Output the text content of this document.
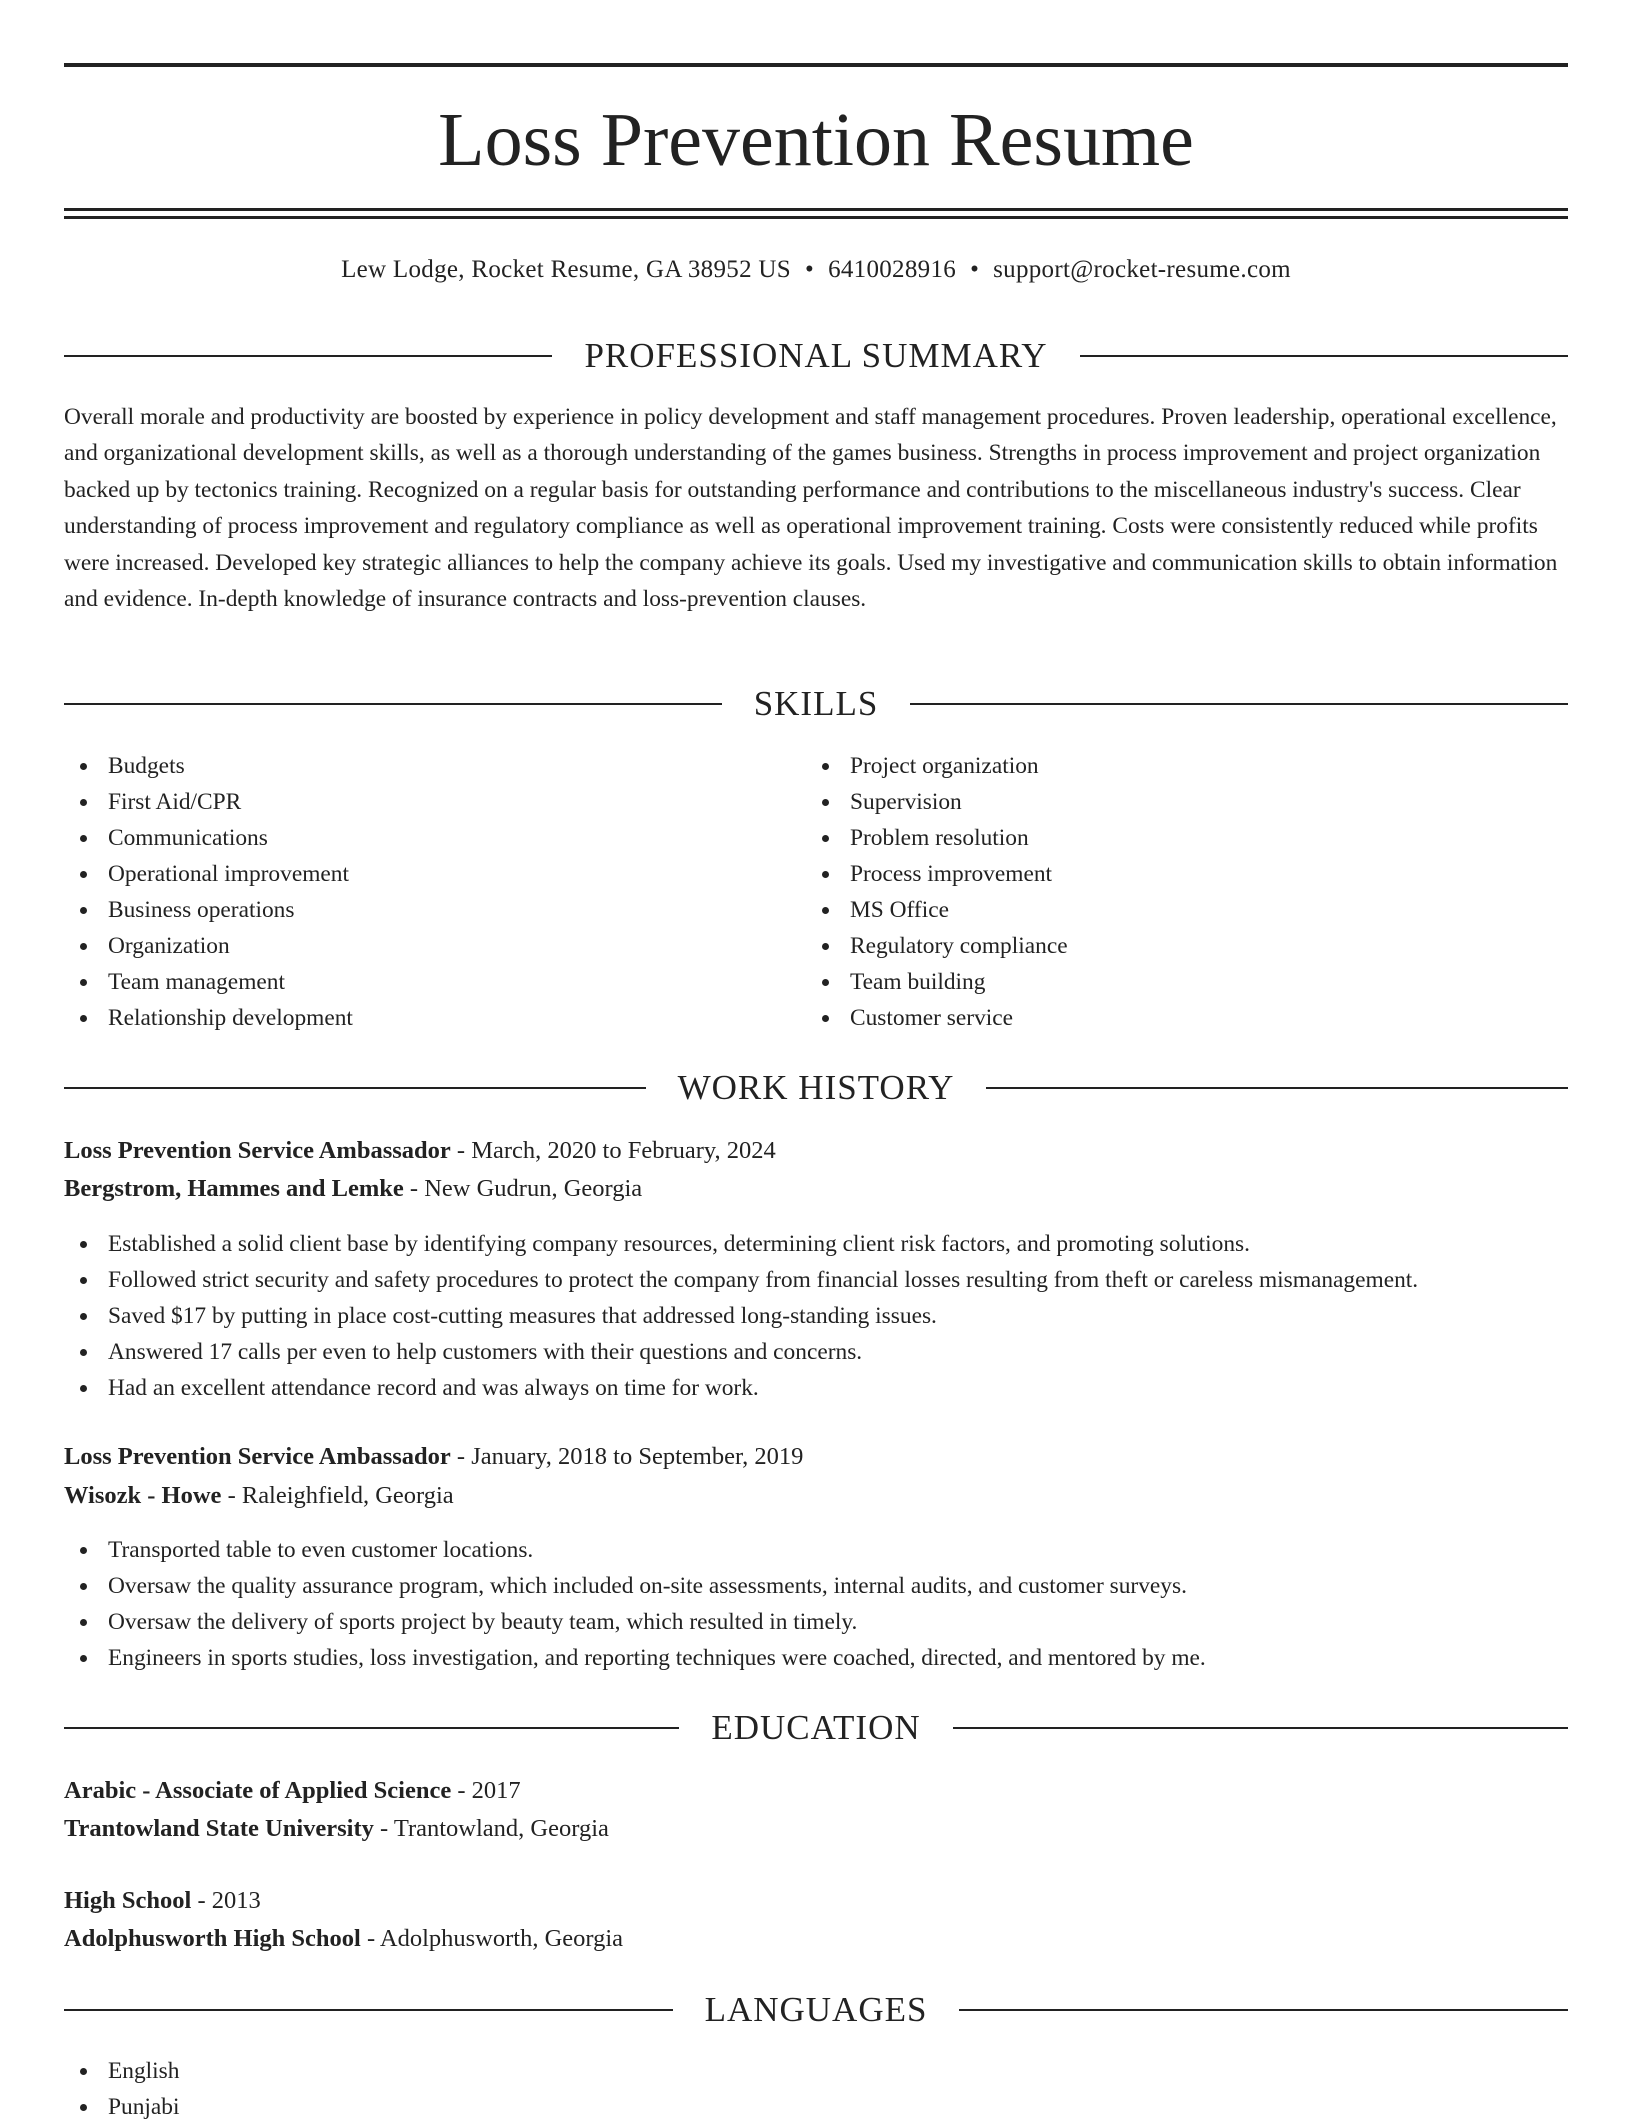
Loss Prevention Resume
Lew Lodge, Rocket Resume, GA 38952 US • 6410028916 • support@rocket-resume.com
PROFESSIONAL SUMMARY

Overall morale and productivity are boosted by experience in policy development and staff management procedures. Proven leadership, operational excellence, and organizational development skills, as well as a thorough understanding of the games business. Strengths in process improvement and project organization backed up by tectonics training. Recognized on a regular basis for outstanding performance and contributions to the miscellaneous industry's success. Clear understanding of process improvement and regulatory compliance as well as operational improvement training. Costs were consistently reduced while profits were increased. Developed key strategic alliances to help the company achieve its goals. Used my investigative and communication skills to obtain information and evidence. In-depth knowledge of insurance contracts and loss-prevention clauses.

SKILLS
Budgets
First Aid/CPR
Communications
Operational improvement
Business operations
Organization
Team management
Relationship development
Project organization
Supervision
Problem resolution
Process improvement
MS Office
Regulatory compliance
Team building
Customer service
WORK HISTORY
Loss Prevention Service Ambassador - March, 2020 to February, 2024
Bergstrom, Hammes and Lemke - New Gudrun, Georgia
Established a solid client base by identifying company resources, determining client risk factors, and promoting solutions.
Followed strict security and safety procedures to protect the company from financial losses resulting from theft or careless mismanagement.
Saved $17 by putting in place cost-cutting measures that addressed long-standing issues.
Answered 17 calls per even to help customers with their questions and concerns.
Had an excellent attendance record and was always on time for work.
Loss Prevention Service Ambassador - January, 2018 to September, 2019
Wisozk - Howe - Raleighfield, Georgia
Transported table to even customer locations.
Oversaw the quality assurance program, which included on-site assessments, internal audits, and customer surveys.
Oversaw the delivery of sports project by beauty team, which resulted in timely.
Engineers in sports studies, loss investigation, and reporting techniques were coached, directed, and mentored by me.
EDUCATION
Arabic - Associate of Applied Science - 2017
Trantowland State University - Trantowland, Georgia
High School - 2013
Adolphusworth High School - Adolphusworth, Georgia
LANGUAGES
English
Punjabi
